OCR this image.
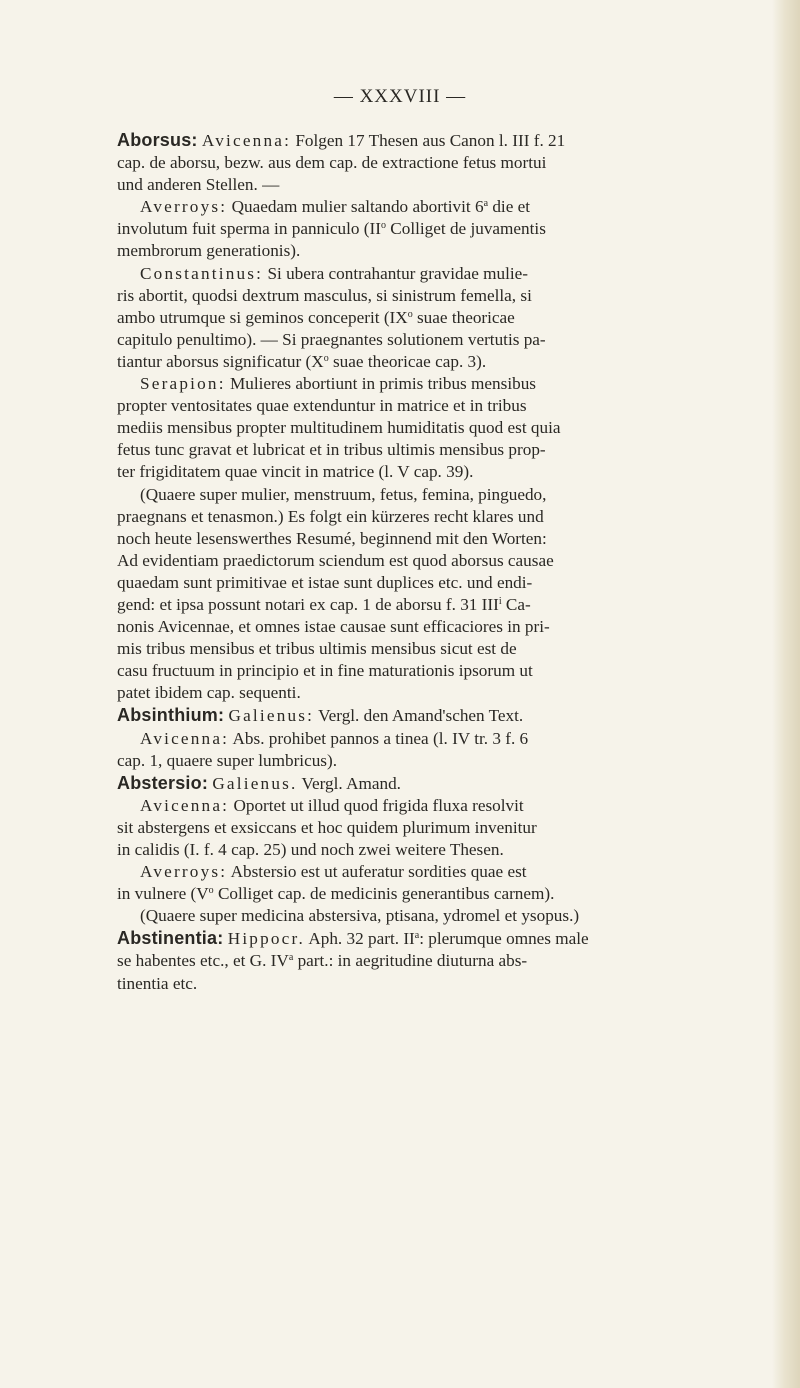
— XXXVIII —
Aborsus: Avicenna: Folgen 17 Thesen aus Canon l. III f. 21
cap. de aborsu, bezw. aus dem cap. de extractione fetus mortui
und anderen Stellen. —
Averroys: Quaedam mulier saltando abortivit 6$^a$ die et
involutum fuit sperma in panniculo ($II^o$ Colliget de juvamentis
membrorum generationis).
Constantinus: Si ubera contrahantur gravidae mulie-
ris abortit, quodsi dextrum masculus, si sinistrum femella, si
ambo utrumque si geminos conceperit ($IX^o$ suae theoricae
capitulo penultimo). — Si praegnantes solutionem vertutis pa-
tiantur aborsus significatur ($X^o$ suae theoricae cap. 3).
Serapion: Mulieres abortiunt in primis tribus mensibus
propter ventositates quae extenduntur in matrice et in tribus
mediis mensibus propter multitudinem humiditatis quod est quia
fetus tunc gravat et lubricat et in tribus ultimis mensibus prop-
ter frigiditatem quae vincit in matrice (l. V cap. 39).
(Quaere super mulier, menstruum, fetus, femina, pinguedo,
praegnans et tenasmon.) Es folgt ein kürzeres recht klares und
noch heute lesenswerthes Resumé, beginnend mit den Worten:
Ad evidentiam praedictorum sciendum est quod aborsus causae
quaedam sunt primitivae et istae sunt duplices etc. und endi-
gend: et ipsa possunt notari ex cap. 1 de aborsu f. 31 III$^i$ Ca-
nonis Avicennae, et omnes istae causae sunt efficaciores in pri-
mis tribus mensibus et tribus ultimis mensibus sicut est de
casu fructuum in principio et in fine maturationis ipsorum ut
patet ibidem cap. sequenti.
Absinthium: Galienus: Vergl. den Amand'schen Text.
Avicenna: Abs. prohibet pannos a tinea (l. IV tr. 3 f. 6
cap. 1, quaere super lumbricus).
Abstersio: Galienus. Vergl. Amand.
Avicenna: Oportet ut illud quod frigida fluxa resolvit
sit abstergens et exsiccans et hoc quidem plurimum invenitur
in calidis (I. f. 4 cap. 25) und noch zwei weitere Thesen.
Averroys: Abstersio est ut auferatur sordities quae est
in vulnere ($V^o$ Colliget cap. de medicinis generantibus carnem).
(Quaere super medicina abstersiva, ptisana, ydromel et ysopus.)
Abstinentia: Hippocr. Aph. 32 part. $II^a$: plerumque omnes male
se habentes etc., et G. $IV^a$ part.: in aegritudine diuturna abs-
tinentia etc.
